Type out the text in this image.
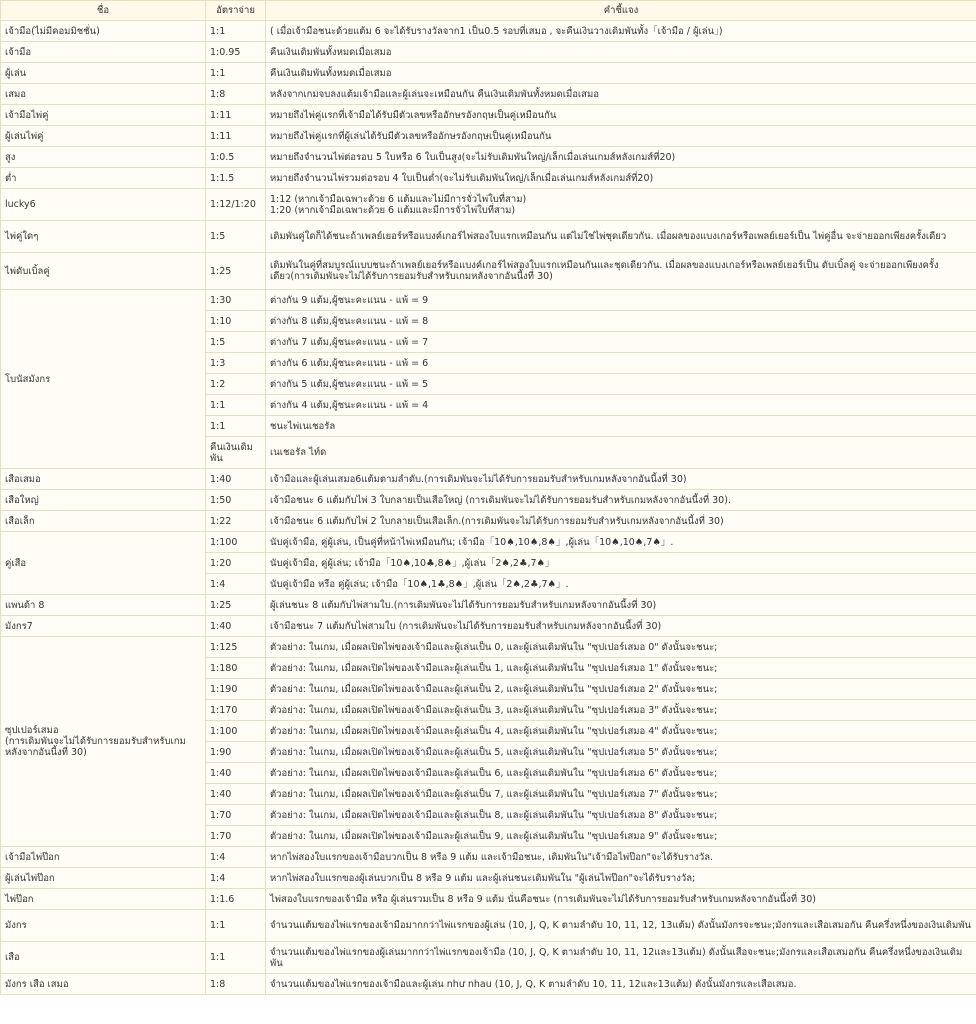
ชื่อ	อัตราจ่าย	คำชี้แจง
เจ้ามือ(ไม่มีคอมมิชชั่น)	1:1	( เมื่อเจ้ามือชนะด้วยแต้ม 6 จะได้รับรางวัลจาก1 เป็น0.5 รอบที่เสมอ , จะคืนเงินวางเดิมพันทั้ง「เจ้ามือ / ผู้เล่น」)
เจ้ามือ	1:0.95	คืนเงินเดิมพันทั้งหมดเมื่อเสมอ
ผู้เล่น	1:1	คืนเงินเดิมพันทั้งหมดเมื่อเสมอ
เสมอ	1:8	หลังจากเกมจบลงแต้มเจ้ามือและผู้เล่นจะเหมือนกัน คืนเงินเดิมพันทั้งหมดเมื่อเสมอ
เจ้ามือไพ่คู่	1:11	หมายถึงไพ่คู่แรกที่เจ้ามือได้รับมีตัวเลขหรืออักษรอังกฤษเป็นคู่เหมือนกัน
ผู้เล่นไพ่คู่	1:11	หมายถึงไพ่คู่แรกที่ผู้เล่นได้รับมีตัวเลขหรืออักษรอังกฤษเป็นคู่เหมือนกัน
สูง	1:0.5	หมายถึงจำนวนไพ่ต่อรอบ 5 ใบหรือ 6 ใบเป็นสูง(จะไม่รับเดิมพันใหญ่/เล็กเมื่อเล่นเกมส์หลังเกมส์ที่20)
ต่ำ	1:1.5	หมายถึงจำนวนไพ่รวมต่อรอบ 4 ใบเป็นต่ำ(จะไม่รับเดิมพันใหญ่/เล็กเมื่อเล่นเกมส์หลังเกมส์ที่20)
lucky6	1:12/1:20	1:12 (หากเจ้ามือเฉพาะด้วย 6 แต้มและไม่มีการจั่วไพ่ใบที่สาม)
1:20 (หากเจ้ามือเฉพาะด้วย 6 แต้มและมีการจั่วไพ่ใบที่สาม)
ไพ่คู่ใดๆ	1:5	เดิมพันคู่ใดก็ได้ชนะถ้าเพลย์เยอร์หรือแบงค์เกอร์ไพ่สองใบแรกเหมือนกัน แต่ไม่ใช่ไพ่ชุดเดียวกัน. เมื่อผลของแบงเกอร์หรือเพลย์เยอร์เป็น ไพ่คู่อื่น จะจ่ายออกเพียงครั้งเดียว
ไพ่ดับเบิ้ลคู่	1:25	เดิมพันในคู่ที่สมบูรณ์แบบชนะถ้าเพลย์เยอร์หรือแบงค์เกอร์ไพ่สองใบแรกเหมือนกันและชุดเดียวกัน. เมื่อผลของแบงเกอร์หรือเพลย์เยอร์เป็น ดับเบิ้ลคู่ จะจ่ายออกเพียงครั้ง เดียว(การเดิมพันจะไม่ได้รับการยอมรับสำหรับเกมหลังจากอันนี้งที่ 30)
โบนัสมังกร	1:30	ต่างกัน 9 แต้ม,ผู้ชนะคะแนน - แพ้ = 9
	1:10	ต่างกัน 8 แต้ม,ผู้ชนะคะแนน - แพ้ = 8
	1:5	ต่างกัน 7 แต้ม,ผู้ชนะคะแนน - แพ้ = 7
	1:3	ต่างกัน 6 แต้ม,ผู้ชนะคะแนน - แพ้ = 6
	1:2	ต่างกัน 5 แต้ม,ผู้ชนะคะแนน - แพ้ = 5
	1:1	ต่างกัน 4 แต้ม,ผู้ชนะคะแนน - แพ้ = 4
	1:1	ชนะไพ่เนเชอรัล
	คืนเงินเดิมพัน	เนเชอรัล ไท์ด
เสือเสมอ	1:40	เจ้ามือและผู้เล่นเสมอ6แต้มตามลำดับ.(การเดิมพันจะไม่ได้รับการยอมรับสำหรับเกมหลังจากอันนี้งที่ 30)
เสือใหญ่	1:50	เจ้ามือชนะ 6 แต้มกับไพ่ 3 ใบกลายเป็นเสือใหญ่ (การเดิมพันจะไม่ได้รับการยอมรับสำหรับเกมหลังจากอันนี้งที่ 30).
เสือเล็ก	1:22	เจ้ามือชนะ 6 แต้มกับไพ่ 2 ใบกลายเป็นเสือเล็ก.(การเดิมพันจะไม่ได้รับการยอมรับสำหรับเกมหลังจากอันนี้งที่ 30)
คู่เสือ	1:100	นับคู่เจ้ามือ, คู่ผู้เล่น, เป็นคู่ที่หน้าไพ่เหมือนกัน; เจ้ามือ「10♠,10♠,8♠」,ผู้เล่น「10♠,10♠,7♠」.
	1:20	นับคู่เจ้ามือ, คู่ผู้เล่น; เจ้ามือ「10♠,10♣,8♠」,ผู้เล่น「2♠,2♣,7♠」
	1:4	นับคู่เจ้ามือ หรือ คู่ผู้เล่น; เจ้ามือ「10♠,1♣,8♠」,ผู้เล่น「2♠,2♣,7♠」.
แพนด้า 8	1:25	ผู้เล่นชนะ 8 แต้มกับไพ่สามใบ.(การเดิมพันจะไม่ได้รับการยอมรับสำหรับเกมหลังจากอันนี้งที่ 30)
มังกร7	1:40	เจ้ามือชนะ 7 แต้มกับไพ่สามใบ (การเดิมพันจะไม่ได้รับการยอมรับสำหรับเกมหลังจากอันนี้งที่ 30)
ซุปเปอร์เสมอ
(การเดิมพันจะไม่ได้รับการยอมรับสำหรับเกม หลังจากอันนี้งที่ 30)	1:125	ตัวอย่าง: ในเกม, เมื่อผลเปิดไพ่ของเจ้ามือและผู้เล่นเป็น 0, และผู้เล่นเดิมพันใน "ซุปเปอร์เสมอ 0" ดังนั้นจะชนะ;
	1:180	ตัวอย่าง: ในเกม, เมื่อผลเปิดไพ่ของเจ้ามือและผู้เล่นเป็น 1, และผู้เล่นเดิมพันใน "ซุปเปอร์เสมอ 1" ดังนั้นจะชนะ;
	1:190	ตัวอย่าง: ในเกม, เมื่อผลเปิดไพ่ของเจ้ามือและผู้เล่นเป็น 2, และผู้เล่นเดิมพันใน "ซุปเปอร์เสมอ 2" ดังนั้นจะชนะ;
	1:170	ตัวอย่าง: ในเกม, เมื่อผลเปิดไพ่ของเจ้ามือและผู้เล่นเป็น 3, และผู้เล่นเดิมพันใน "ซุปเปอร์เสมอ 3" ดังนั้นจะชนะ;
	1:100	ตัวอย่าง: ในเกม, เมื่อผลเปิดไพ่ของเจ้ามือและผู้เล่นเป็น 4, และผู้เล่นเดิมพันใน "ซุปเปอร์เสมอ 4" ดังนั้นจะชนะ;
	1:90	ตัวอย่าง: ในเกม, เมื่อผลเปิดไพ่ของเจ้ามือและผู้เล่นเป็น 5, และผู้เล่นเดิมพันใน "ซุปเปอร์เสมอ 5" ดังนั้นจะชนะ;
	1:40	ตัวอย่าง: ในเกม, เมื่อผลเปิดไพ่ของเจ้ามือและผู้เล่นเป็น 6, และผู้เล่นเดิมพันใน "ซุปเปอร์เสมอ 6" ดังนั้นจะชนะ;
	1:40	ตัวอย่าง: ในเกม, เมื่อผลเปิดไพ่ของเจ้ามือและผู้เล่นเป็น 7, และผู้เล่นเดิมพันใน "ซุปเปอร์เสมอ 7" ดังนั้นจะชนะ;
	1:70	ตัวอย่าง: ในเกม, เมื่อผลเปิดไพ่ของเจ้ามือและผู้เล่นเป็น 8, และผู้เล่นเดิมพันใน "ซุปเปอร์เสมอ 8" ดังนั้นจะชนะ;
	1:70	ตัวอย่าง: ในเกม, เมื่อผลเปิดไพ่ของเจ้ามือและผู้เล่นเป็น 9, และผู้เล่นเดิมพันใน "ซุปเปอร์เสมอ 9" ดังนั้นจะชนะ;
เจ้ามือไพ่ป๊อก	1:4	หากไพ่สองใบแรกของเจ้ามือบวกเป็น 8 หรือ 9 แต้ม และเจ้ามือชนะ, เดิมพันใน"เจ้ามือไพ่ป๊อก"จะได้รับรางวัล.
ผู้เล่นไพ่ป๊อก	1:4	หากไพ่สองใบแรกของผู้เล่นบวกเป็น 8 หรือ 9 แต้ม และผู้เล่นชนะเดิมพันใน "ผู้เล่นไพ่ป๊อก"จะได้รับรางวัล;
ไพ่ป๊อก	1:1.6	ไพ่สองใบแรกของเจ้ามือ หรือ ผู้เล่นรวมเป็น 8 หรือ 9 แต้ม นั่นคือชนะ (การเดิมพันจะไม่ได้รับการยอมรับสำหรับเกมหลังจากอันนี้งที่ 30)
มังกร	1:1	จำนวนแต้มของไพ่แรกของเจ้ามือมากกว่าไพ่แรกของผู้เล่น (10, J, Q, K ตามลำดับ 10, 11, 12, 13แต้ม) ดังนั้นมังกรจะชนะ;มังกรและเสือเสมอกัน คืนครึ่งหนึ่งของเงินเดิมพัน
เสือ	1:1	จำนวนแต้มของไพ่แรกของผู้เล่นมากกว่าไพ่แรกของเจ้ามือ (10, J, Q, K ตามลำดับ 10, 11, 12และ13แต้ม) ดังนั้นเสือจะชนะ;มังกรและเสือเสมอกัน คืนครึ่งหนึ่งของเงินเดิมพัน
มังกร เสือ เสมอ	1:8	จำนวนแต้มของไพ่แรกของเจ้ามือและผู้เล่น như nhau (10, J, Q, K ตามลำดับ 10, 11, 12และ13แต้ม) ดังนั้นมังกรและเสือเสมอ.
